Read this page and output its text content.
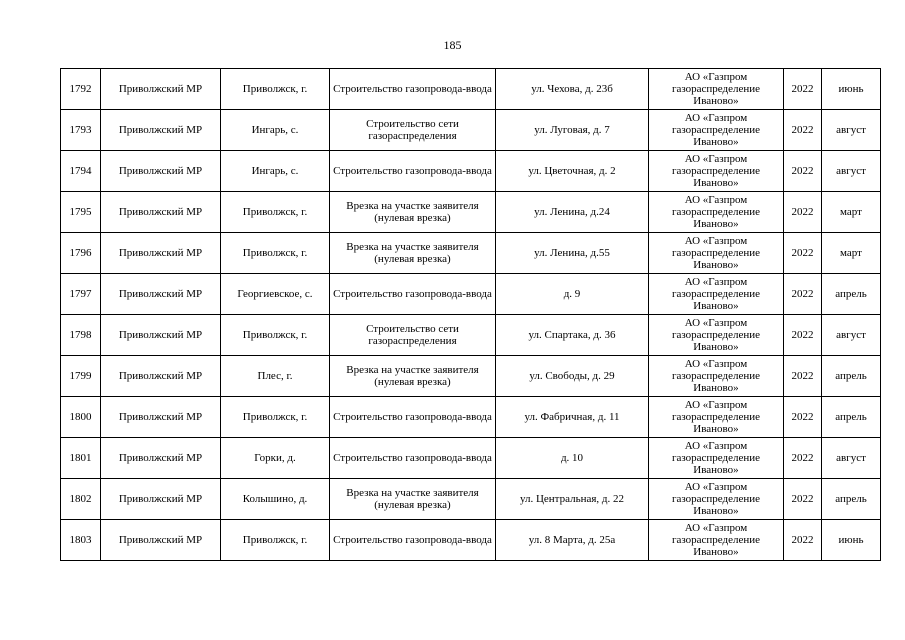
185
1792	Приволжский МР	Приволжск, г.	Строительство газопровода-ввода	ул. Чехова, д. 23б	АО «Газпром газораспределение Иваново»	2022	июнь
1793	Приволжский МР	Ингарь, с.	Строительство сети газораспределения	ул. Луговая, д. 7	АО «Газпром газораспределение Иваново»	2022	август
1794	Приволжский МР	Ингарь, с.	Строительство газопровода-ввода	ул. Цветочная, д. 2	АО «Газпром газораспределение Иваново»	2022	август
1795	Приволжский МР	Приволжск, г.	Врезка на участке заявителя (нулевая врезка)	ул. Ленина, д.24	АО «Газпром газораспределение Иваново»	2022	март
1796	Приволжский МР	Приволжск, г.	Врезка на участке заявителя (нулевая врезка)	ул. Ленина, д.55	АО «Газпром газораспределение Иваново»	2022	март
1797	Приволжский МР	Георгиевское, с.	Строительство газопровода-ввода	д. 9	АО «Газпром газораспределение Иваново»	2022	апрель
1798	Приволжский МР	Приволжск, г.	Строительство сети газораспределения	ул. Спартака, д. 36	АО «Газпром газораспределение Иваново»	2022	август
1799	Приволжский МР	Плес, г.	Врезка на участке заявителя (нулевая врезка)	ул. Свободы, д. 29	АО «Газпром газораспределение Иваново»	2022	апрель
1800	Приволжский МР	Приволжск, г.	Строительство газопровода-ввода	ул. Фабричная, д. 11	АО «Газпром газораспределение Иваново»	2022	апрель
1801	Приволжский МР	Горки, д.	Строительство газопровода-ввода	д. 10	АО «Газпром газораспределение Иваново»	2022	август
1802	Приволжский МР	Колышино, д.	Врезка на участке заявителя (нулевая врезка)	ул. Центральная, д. 22	АО «Газпром газораспределение Иваново»	2022	апрель
1803	Приволжский МР	Приволжск, г.	Строительство газопровода-ввода	ул. 8 Марта, д. 25а	АО «Газпром газораспределение Иваново»	2022	июнь
